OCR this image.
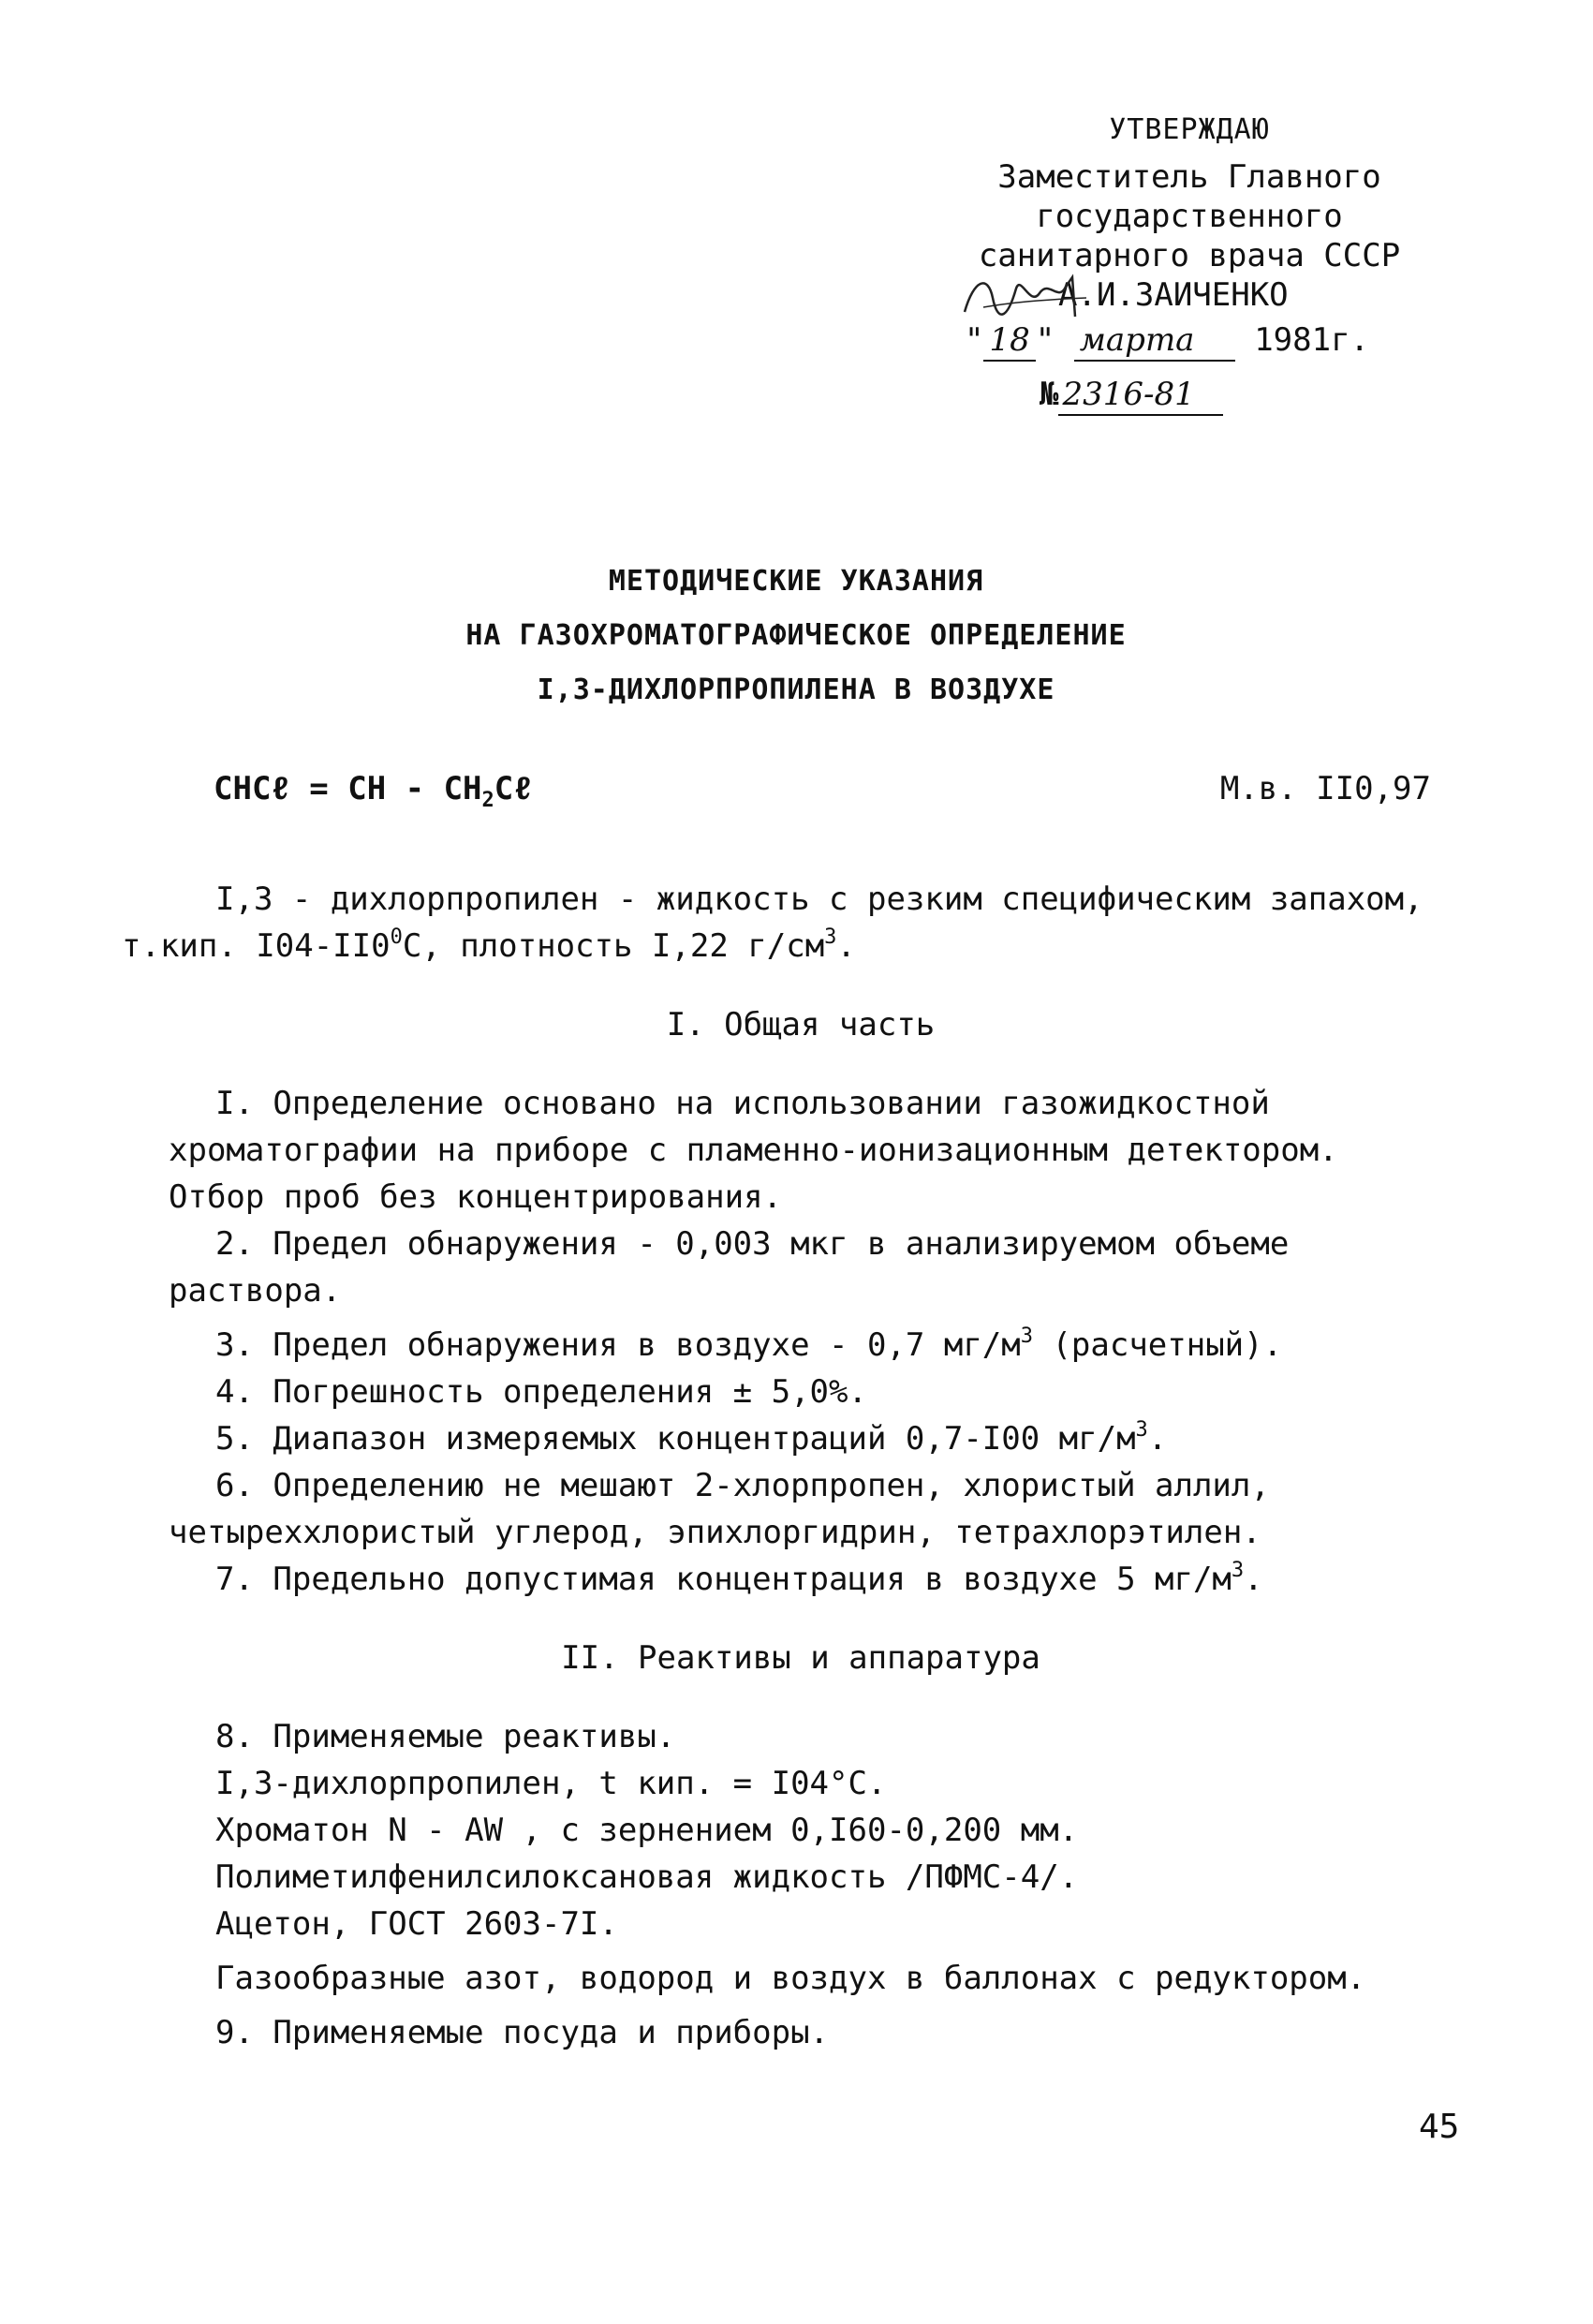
УТВЕРЖДАЮ
Заместитель Главного
государственного
санитарного врача СССР
А.И.ЗАИЧЕНКО
" 18 " марта 1981г.
№ 2316-81
МЕТОДИЧЕСКИЕ УКАЗАНИЯ
НА ГАЗОХРОМАТОГРАФИЧЕСКОЕ ОПРЕДЕЛЕНИЕ
I,3-ДИХЛОРПРОПИЛЕНА В ВОЗДУХЕ
CHCℓ = CH - $CH_2C\ell$	М.в. II0,97

I,3 - дихлорпропилен - жидкость с резким специфическим запахом,
т.кип. $I04-II0^0С$, плотность I,22 $г/см^3$.

I. Общая часть

I. Определение основано на использовании газожидкостной хроматографии на приборе с пламенно-ионизационным детектором. Отбор проб без концентрирования.

2. Предел обнаружения - 0,003 мкг в анализируемом объеме раствора.

3. Предел обнаружения в воздухе - 0,7 $мг/м^3$ (расчетный).

4. Погрешность определения ± 5,0%.

5. Диапазон измеряемых концентраций 0,7-I00 $мг/м^3$.

6. Определению не мешают 2-хлорпропен, хлористый аллил, четыреххлористый углерод, эпихлоргидрин, тетрахлорэтилен.

7. Предельно допустимая концентрация в воздухе 5 $мг/м^3$.

II. Реактивы и аппаратура

8. Применяемые реактивы.

I,3-дихлорпропилен, t кип. = I04°С.

Хроматон N - AW , с зернением 0,I60-0,200 мм.

Полиметилфенилсилоксановая жидкость /ПФМС-4/.

Ацетон, ГОСТ 2603-7I.

Газообразные азот, водород и воздух в баллонах с редуктором.

9. Применяемые посуда и приборы.

45
